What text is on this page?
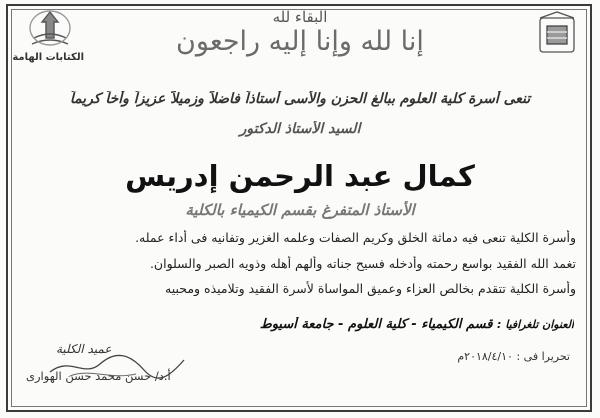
الكتابات الهامة
البقاء لله
إنا لله وإنا إليه راجعون
تنعى أسرة كلية العلوم ببالغ الحزن والأسى أستاذاً فاضلاً وزميلاً عزيزاً وأخاً كريماً
السيد الأستاذ الدكتور
كمال عبد الرحمن إدريس
الأستاذ المتفرغ بقسم الكيمياء بالكلية
وأسرة الكلية تنعى فيه دماثة الخلق وكريم الصفات وعلمه الغزير وتفانيه فى أداء عمله.
تغمد الله الفقيد بواسع رحمته وأدخله فسيح جناته وألهم أهله وذويه الصبر والسلوان.
وأسرة الكلية تتقدم بخالص العزاء وعميق المواساة لأسرة الفقيد وتلاميذه ومحبيه
العنوان تلغرافيا : قسم الكيمياء - كلية العلوم - جامعة أسيوط
تحريرا فى : ٢٠١٨/٤/١٠م
عميد الكلية
أ.د/ حسن محمد حسن الهوارى
